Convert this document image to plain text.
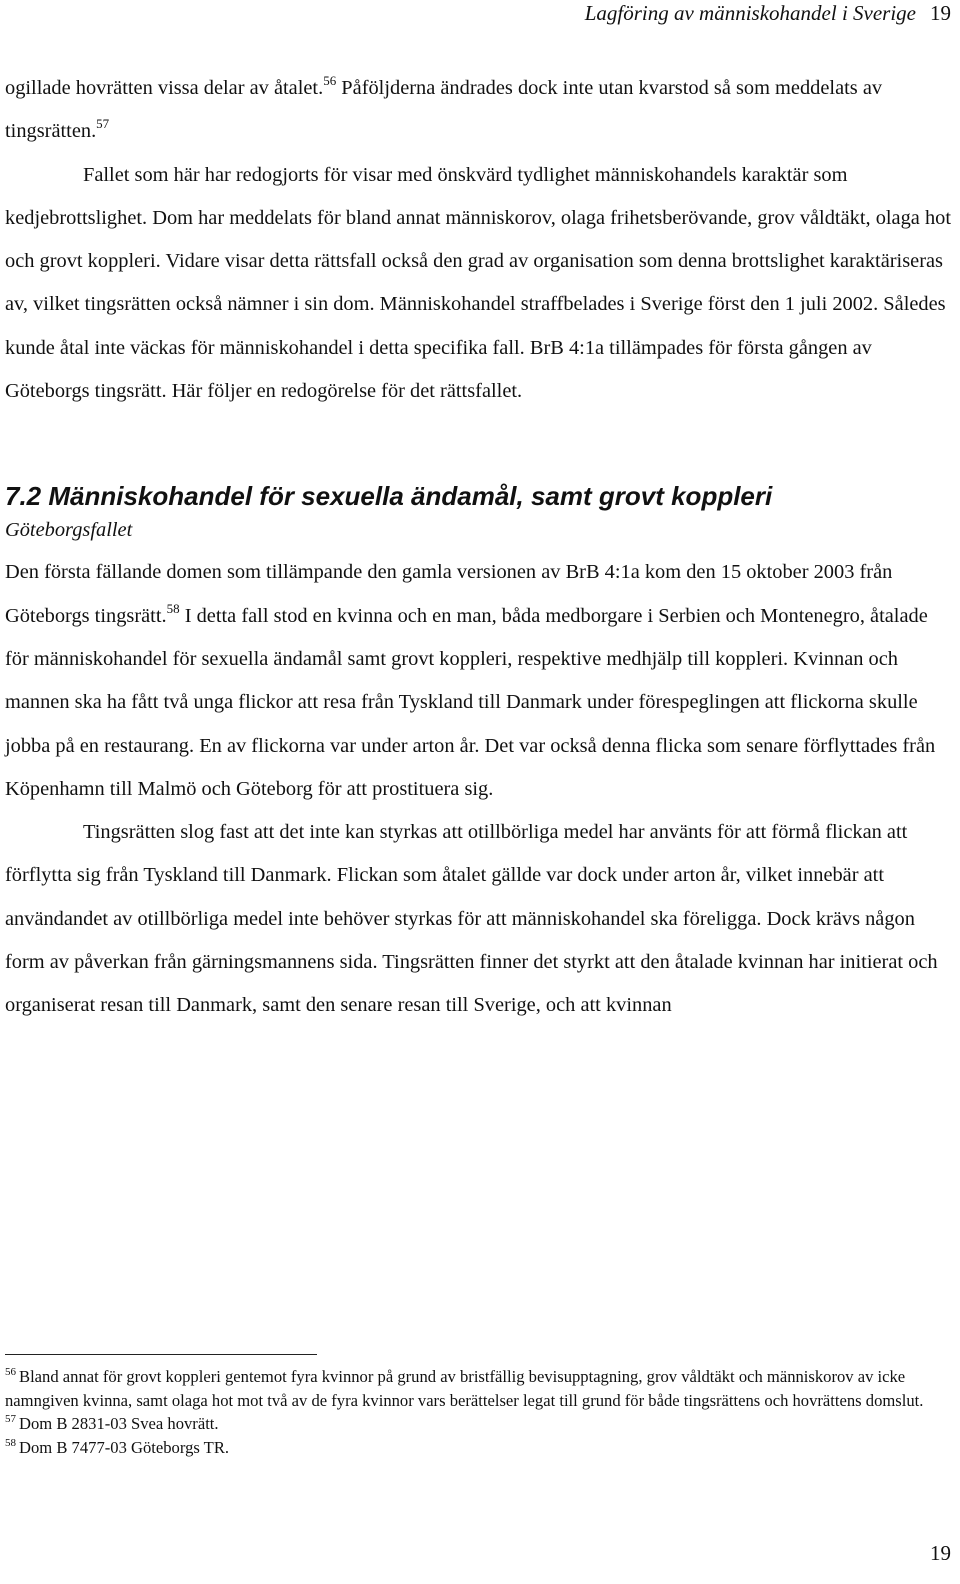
Lagföring av människohandel i Sverige 19

ogillade hovrätten vissa delar av åtalet.$^{56}$ Påföljderna ändrades dock inte utan kvarstod så som meddelats av tingsrätten.$^{57}$

Fallet som här har redogjorts för visar med önskvärd tydlighet människohandels karaktär som kedjebrottslighet. Dom har meddelats för bland annat människorov, olaga frihetsberövande, grov våldtäkt, olaga hot och grovt koppleri. Vidare visar detta rättsfall också den grad av organisation som denna brottslighet karaktäriseras av, vilket tingsrätten också nämner i sin dom. Människohandel straffbelades i Sverige först den 1 juli 2002. Således kunde åtal inte väckas för människohandel i detta specifika fall. BrB 4:1a tillämpades för första gången av Göteborgs tingsrätt. Här följer en redogörelse för det rättsfallet.

7.2 Människohandel för sexuella ändamål, samt grovt koppleri

Göteborgsfallet

Den första fällande domen som tillämpande den gamla versionen av BrB 4:1a kom den 15 oktober 2003 från Göteborgs tingsrätt.$^{58}$ I detta fall stod en kvinna och en man, båda medborgare i Serbien och Montenegro, åtalade för människohandel för sexuella ändamål samt grovt koppleri, respektive medhjälp till koppleri. Kvinnan och mannen ska ha fått två unga flickor att resa från Tyskland till Danmark under förespeglingen att flickorna skulle jobba på en restaurang. En av flickorna var under arton år. Det var också denna flicka som senare förflyttades från Köpenhamn till Malmö och Göteborg för att prostituera sig.

Tingsrätten slog fast att det inte kan styrkas att otillbörliga medel har använts för att förmå flickan att förflytta sig från Tyskland till Danmark. Flickan som åtalet gällde var dock under arton år, vilket innebär att användandet av otillbörliga medel inte behöver styrkas för att människohandel ska föreligga. Dock krävs någon form av påverkan från gärningsmannens sida. Tingsrätten finner det styrkt att den åtalade kvinnan har initierat och organiserat resan till Danmark, samt den senare resan till Sverige, och att kvinnan

$^{56}$ Bland annat för grovt koppleri gentemot fyra kvinnor på grund av bristfällig bevisupptagning, grov våldtäkt och människorov av icke namngiven kvinna, samt olaga hot mot två av de fyra kvinnor vars berättelser legat till grund för både tingsrättens och hovrättens domslut.

$^{57}$ Dom B 2831-03 Svea hovrätt.

$^{58}$ Dom B 7477-03 Göteborgs TR.

19
